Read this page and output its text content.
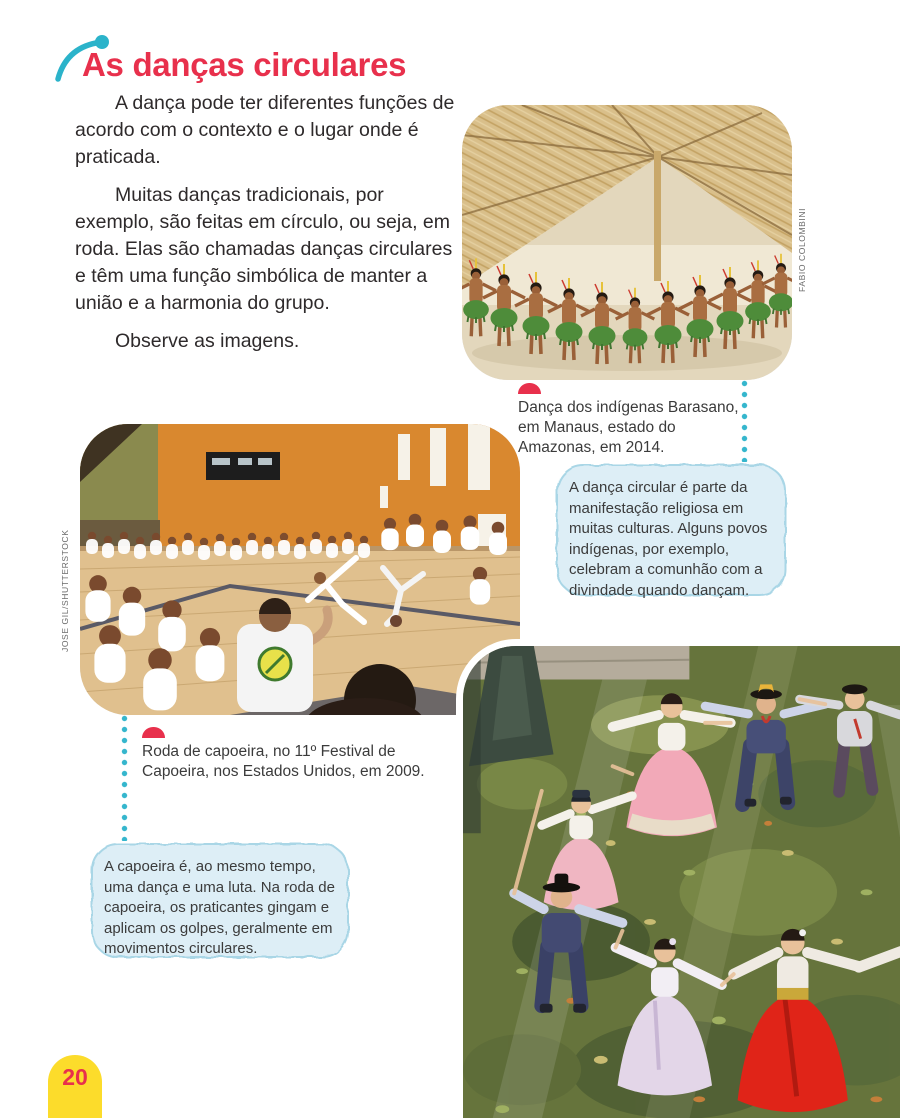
As danças circulares

A dança pode ter diferentes funções de acordo com o contexto e o lugar onde é praticada.

Muitas danças tradicionais, por exemplo, são feitas em círculo, ou seja, em roda. Elas são chamadas danças circulares e têm uma função simbólica de manter a união e a harmonia do grupo.

Observe as imagens.

FABIO COLOMBINI
Dança dos indígenas Barasano, em Manaus, estado do Amazonas, em 2014.
A dança circular é parte da manifestação religiosa em muitas culturas. Alguns povos indígenas, por exemplo, celebram a comunhão com a divindade quando dançam.
JOSE GIL/SHUTTERSTOCK
Roda de capoeira, no 11º Festival de Capoeira, nos Estados Unidos, em 2009.
A capoeira é, ao mesmo tempo, uma dança e uma luta. Na roda de capoeira, os praticantes gingam e aplicam os golpes, geralmente em movimentos circulares.
20
